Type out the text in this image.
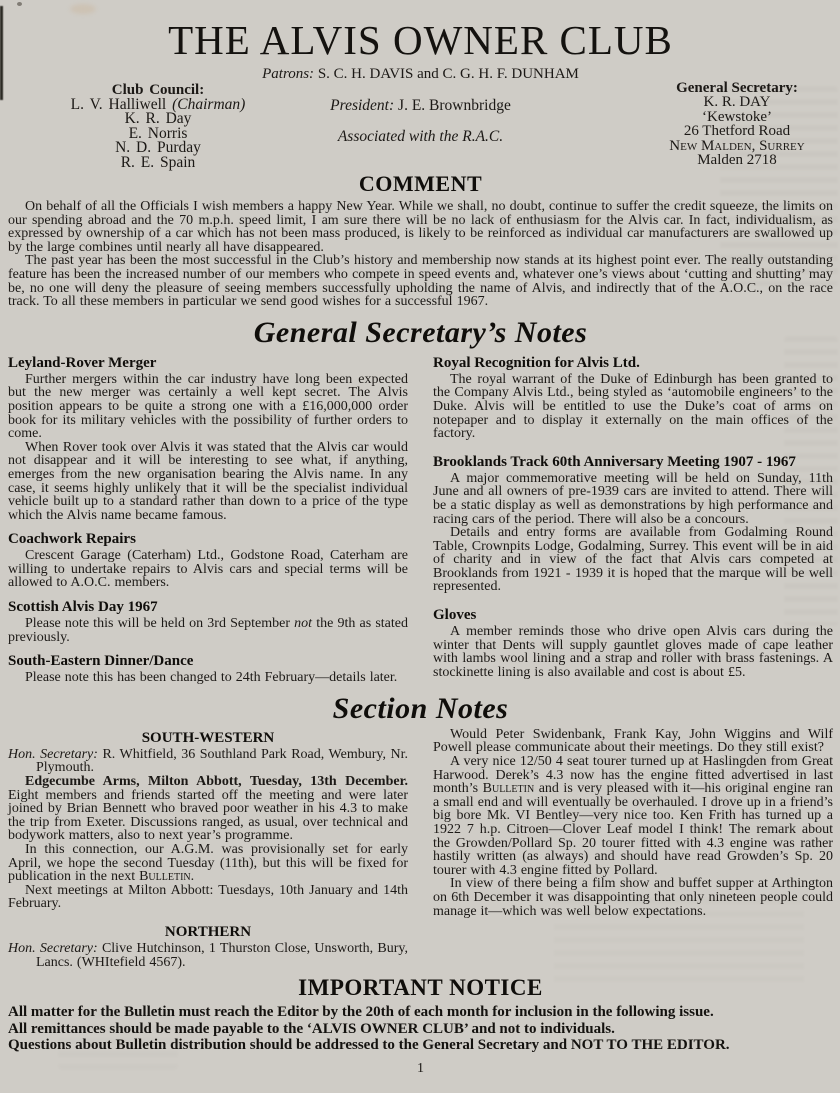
THE ALVIS OWNER CLUB

Patrons: S. C. H. DAVIS and C. G. H. F. DUNHAM

Club Council:
L. V. Halliwell (Chairman)
K. R. Day
E. Norris
N. D. Purday
R. E. Spain

President: J. E. Brownbridge

Associated with the R.A.C.

General Secretary:
K. R. DAY
‘Kewstoke’
26 Thetford Road
New Malden, Surrey
Malden 2718
COMMENT

On behalf of all the Officials I wish members a happy New Year. While we shall, no doubt, continue to suffer the credit squeeze, the limits on our spending abroad and the 70 m.p.h. speed limit, I am sure there will be no lack of enthusiasm for the Alvis car. In fact, individualism, as expressed by ownership of a car which has not been mass produced, is likely to be reinforced as individual car manufacturers are swallowed up by the large combines until nearly all have disappeared.

The past year has been the most successful in the Club’s history and membership now stands at its highest point ever. The really outstanding feature has been the increased number of our members who compete in speed events and, whatever one’s views about ‘cutting and shutting’ may be, no one will deny the pleasure of seeing members successfully upholding the name of Alvis, and indirectly that of the A.O.C., on the race track. To all these members in particular we send good wishes for a successful 1967.

General Secretary’s Notes
Leyland-Rover Merger

Further mergers within the car industry have long been expected but the new merger was certainly a well kept secret. The Alvis position appears to be quite a strong one with a £16,000,000 order book for its military vehicles with the possibility of further orders to come.

When Rover took over Alvis it was stated that the Alvis car would not disappear and it will be interesting to see what, if anything, emerges from the new organisation bearing the Alvis name. In any case, it seems highly unlikely that it will be the specialist individual vehicle built up to a standard rather than down to a price of the type which the Alvis name became famous.

Coachwork Repairs

Crescent Garage (Caterham) Ltd., Godstone Road, Caterham are willing to undertake repairs to Alvis cars and special terms will be allowed to A.O.C. members.

Scottish Alvis Day 1967

Please note this will be held on 3rd September not the 9th as stated previously.

South-Eastern Dinner/Dance

Please note this has been changed to 24th February—details later.

Royal Recognition for Alvis Ltd.

The royal warrant of the Duke of Edinburgh has been granted to the Company Alvis Ltd., being styled as ‘automobile engineers’ to the Duke. Alvis will be entitled to use the Duke’s coat of arms on notepaper and to display it externally on the main offices of the factory.

Brooklands Track 60th Anniversary Meeting 1907 - 1967

A major commemorative meeting will be held on Sunday, 11th June and all owners of pre-1939 cars are invited to attend. There will be a static display as well as demonstrations by high performance and racing cars of the period. There will also be a concours.

Details and entry forms are available from Godalming Round Table, Crownpits Lodge, Godalming, Surrey. This event will be in aid of charity and in view of the fact that Alvis cars competed at Brooklands from 1921 - 1939 it is hoped that the marque will be well represented.

Gloves

A member reminds those who drive open Alvis cars during the winter that Dents will supply gauntlet gloves made of cape leather with lambs wool lining and a strap and roller with brass fastenings. A stockinette lining is also available and cost is about £5.

Section Notes
SOUTH-WESTERN

Hon. Secretary: R. Whitfield, 36 Southland Park Road, Wembury, Nr. Plymouth.

Edgecumbe Arms, Milton Abbott, Tuesday, 13th December. Eight members and friends started off the meeting and were later joined by Brian Bennett who braved poor weather in his 4.3 to make the trip from Exeter. Discussions ranged, as usual, over technical and bodywork matters, also to next year’s programme.

In this connection, our A.G.M. was provisionally set for early April, we hope the second Tuesday (11th), but this will be fixed for publication in the next Bulletin.

Next meetings at Milton Abbott: Tuesdays, 10th January and 14th February.

NORTHERN

Hon. Secretary: Clive Hutchinson, 1 Thurston Close, Unsworth, Bury, Lancs. (WHItefield 4567).

Would Peter Swidenbank, Frank Kay, John Wiggins and Wilf Powell please communicate about their meetings. Do they still exist?

A very nice 12/50 4 seat tourer turned up at Haslingden from Great Harwood. Derek’s 4.3 now has the engine fitted advertised in last month’s Bulletin and is very pleased with it—his original engine ran a small end and will eventually be overhauled. I drove up in a friend’s big bore Mk. VI Bentley—very nice too. Ken Frith has turned up a 1922 7 h.p. Citroen—Clover Leaf model I think! The remark about the Growden/Pollard Sp. 20 tourer fitted with 4.3 engine was rather hastily written (as always) and should have read Growden’s Sp. 20 tourer with 4.3 engine fitted by Pollard.

In view of there being a film show and buffet supper at Arthington on 6th December it was disappointing that only nineteen people could manage it—which was well below expectations.

IMPORTANT NOTICE

All matter for the Bulletin must reach the Editor by the 20th of each month for inclusion in the following issue.

All remittances should be made payable to the ‘ALVIS OWNER CLUB’ and not to individuals.

Questions about Bulletin distribution should be addressed to the General Secretary and NOT TO THE EDITOR.

1
